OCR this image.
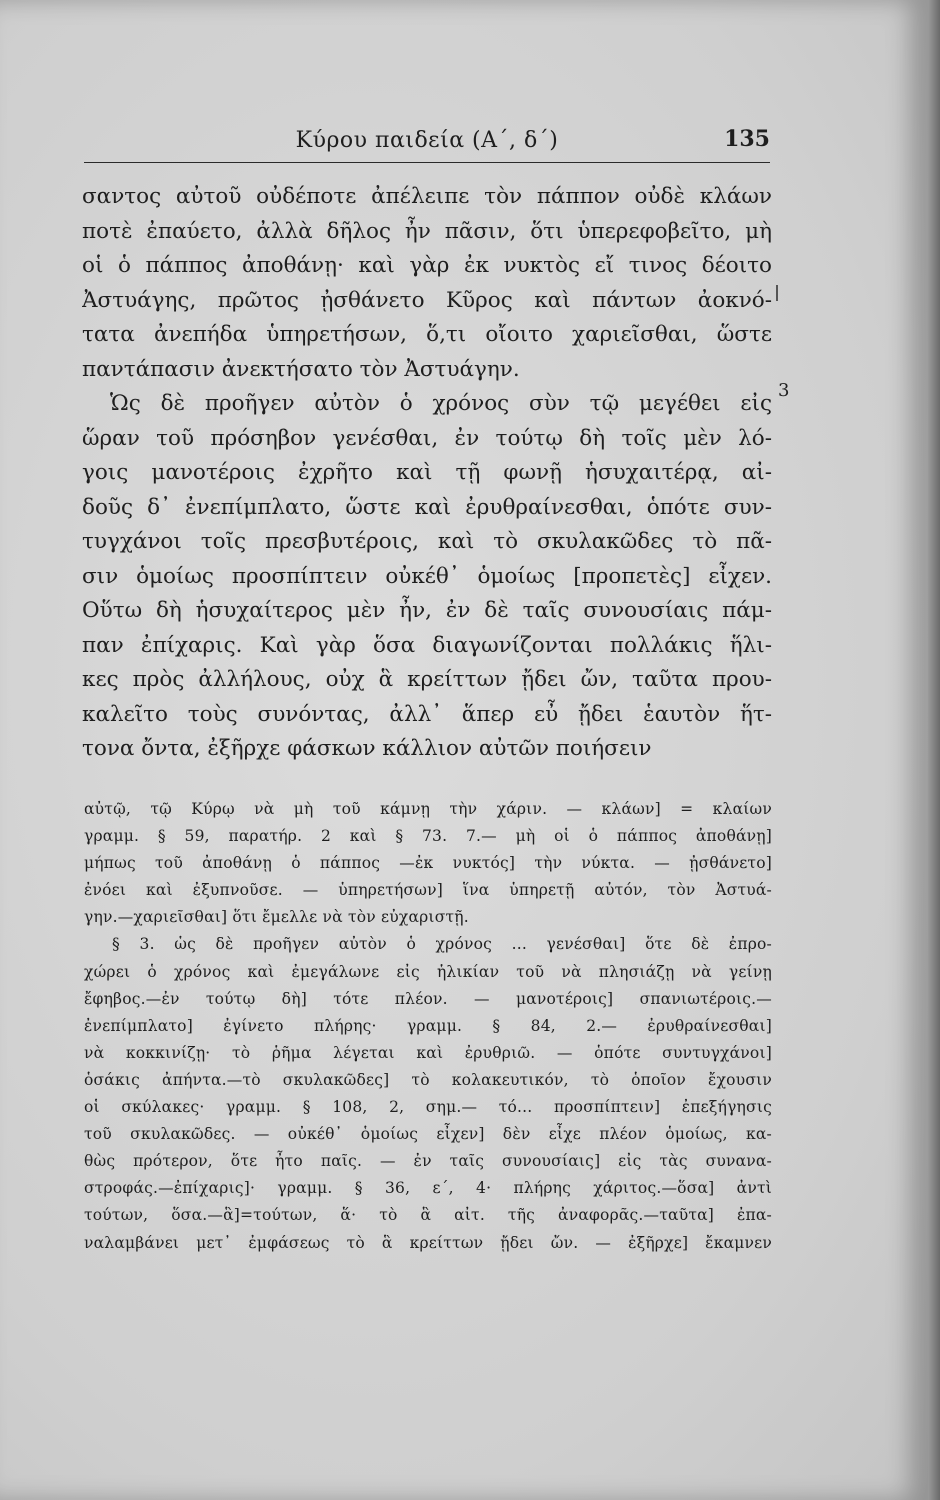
Κύρου παιδεία (Α΄, δ΄)	135
3
σαντος αὐτοῦ οὐδέποτε ἀπέλειπε τὸν πάππον οὐδὲ κλάων
ποτὲ ἐπαύετο, ἀλλὰ δῆλος ἦν πᾶσιν, ὅτι ὑπερεφοβεῖτο, μὴ
οἱ ὁ πάππος ἀποθάνῃ· καὶ γὰρ ἐκ νυκτὸς εἴ τινος δέοιτο
Ἀστυάγης, πρῶτος ᾐσθάνετο Κῦρος καὶ πάντων ἀοκνό-
τατα ἀνεπήδα ὑπηρετήσων, ὅ,τι οἴοιτο χαριεῖσθαι, ὥστε
παντάπασιν ἀνεκτήσατο τὸν Ἀστυάγην.
Ὡς δὲ προῆγεν αὐτὸν ὁ χρόνος σὺν τῷ μεγέθει εἰς
ὥραν τοῦ πρόσηβον γενέσθαι, ἐν τούτῳ δὴ τοῖς μὲν λό-
γοις μανοτέροις ἐχρῆτο καὶ τῇ φωνῇ ἡσυχαιτέρᾳ, αἰ-
δοῦς δ᾽ ἐνεπίμπλατο, ὥστε καὶ ἐρυθραίνεσθαι, ὁπότε συν-
τυγχάνοι τοῖς πρεσβυτέροις, καὶ τὸ σκυλακῶδες τὸ πᾶ-
σιν ὁμοίως προσπίπτειν οὐκέθ᾽ ὁμοίως [προπετὲς] εἶχεν.
Οὕτω δὴ ἡσυχαίτερος μὲν ἦν, ἐν δὲ ταῖς συνουσίαις πάμ-
παν ἐπίχαρις. Καὶ γὰρ ὅσα διαγωνίζονται πολλάκις ἥλι-
κες πρὸς ἀλλήλους, οὐχ ἃ κρείττων ᾔδει ὤν, ταῦτα πρου-
καλεῖτο τοὺς συνόντας, ἀλλ᾽ ἅπερ εὖ ᾔδει ἑαυτὸν ἥτ-
τονα ὄντα, ἐξῆρχε φάσκων κάλλιον αὐτῶν ποιήσειν
αὐτῷ, τῷ Κύρῳ νὰ μὴ τοῦ κάμνῃ τὴν χάριν. — κλάων] = κλαίων
γραμμ. § 59, παρατήρ. 2 καὶ § 73. 7.— μὴ οἱ ὁ πάππος ἀποθάνῃ]
μήπως τοῦ ἀποθάνῃ ὁ πάππος —ἐκ νυκτός] τὴν νύκτα. — ᾐσθάνετο]
ἐνόει καὶ ἐξυπνοῦσε. — ὑπηρετήσων] ἵνα ὑπηρετῇ αὐτόν, τὸν Ἀστυά-
γην.—χαριεῖσθαι] ὅτι ἔμελλε νὰ τὸν εὐχαριστῇ.
§ 3. ὡς δὲ προῆγεν αὐτὸν ὁ χρόνος ... γενέσθαι] ὅτε δὲ ἐπρο-
χώρει ὁ χρόνος καὶ ἐμεγάλωνε εἰς ἡλικίαν τοῦ νὰ πλησιάζῃ νὰ γείνῃ
ἔφηβος.—ἐν τούτῳ δὴ] τότε πλέον. — μανοτέροις] σπανιωτέροις.—
ἐνεπίμπλατο] ἐγίνετο πλήρης· γραμμ. § 84, 2.— ἐρυθραίνεσθαι]
νὰ κοκκινίζῃ· τὸ ῥῆμα λέγεται καὶ ἐρυθριῶ. — ὁπότε συντυγχάνοι]
ὁσάκις ἀπήντα.—τὸ σκυλακῶδες] τὸ κολακευτικόν, τὸ ὁποῖον ἔχουσιν
οἱ σκύλακες· γραμμ. § 108, 2, σημ.— τό... προσπίπτειν] ἐπεξήγησις
τοῦ σκυλακῶδες. — οὐκέθ᾽ ὁμοίως εἶχεν] δὲν εἶχε πλέον ὁμοίως, κα-
θὼς πρότερον, ὅτε ἦτο παῖς. — ἐν ταῖς συνουσίαις] εἰς τὰς συνανα-
στροφάς.—ἐπίχαρις]· γραμμ. § 36, ε΄, 4· πλήρης χάριτος.—ὅσα] ἀντὶ
τούτων, ὅσα.—ἃ]=τούτων, ἅ· τὸ ἃ αἰτ. τῆς ἀναφορᾶς.—ταῦτα] ἐπα-
ναλαμβάνει μετ᾽ ἐμφάσεως τὸ ἃ κρείττων ᾔδει ὤν. — ἐξῆρχε] ἔκαμνεν
